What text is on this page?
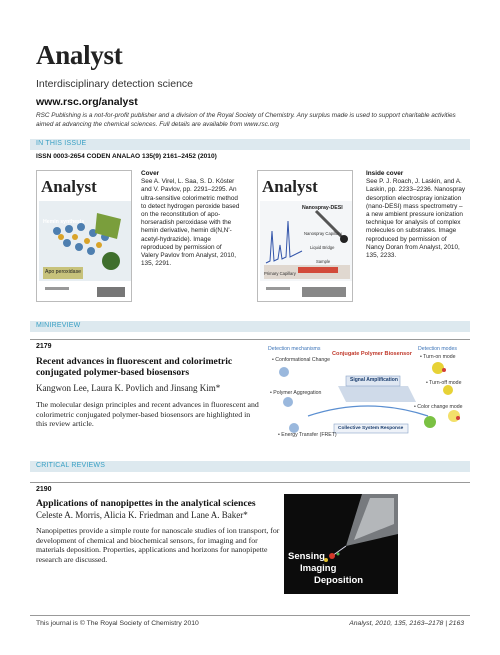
Analyst
Interdisciplinary detection science
www.rsc.org/analyst
RSC Publishing is a not-for-profit publisher and a division of the Royal Society of Chemistry. Any surplus made is used to support charitable activities aimed at advancing the chemical sciences. Full details are available from www.rsc.org
IN THIS ISSUE
ISSN 0003-2654 CODEN ANALAO 135(9) 2161–2452 (2010)
Analyst
Hemin synthesis
Apo peroxidase
Cover
See A. Virel, L. Saa, S. D. Köster and V. Pavlov, pp. 2291–2295. An ultra-sensitive colorimetric method to detect hydrogen peroxide based on the reconstitution of apo-horseradish peroxidase with the hemin derivative, hemin di(N,N'-acetyl-hydrazide). Image reproduced by permission of Valery Pavlov from Analyst, 2010, 135, 2291.
Analyst
Nanospray-DESI
Nanospray Capillary
Liquid Bridge
Sample
Primary Capillary
Inside cover
See P. J. Roach, J. Laskin, and A. Laskin, pp. 2233–2236. Nanospray desorption electrospray ionization (nano-DESI) mass spectrometry – a new ambient pressure ionization technique for analysis of complex molecules on substrates. Image reproduced by permission of Nancy Doran from Analyst, 2010, 135, 2233.
MINIREVIEW
2179
Recent advances in fluorescent and colorimetric conjugated polymer-based biosensors
Kangwon Lee, Laura K. Povlich and Jinsang Kim*
The molecular design principles and recent advances in fluorescent and colorimetric conjugated polymer-based biosensors are highlighted in this review article.
Detection mechanisms
• Conformational Change
• Polymer Aggregation
• Energy Transfer (FRET)
Conjugate Polymer Biosensor
Signal Amplification
Collective System Response
Detection modes
• Turn-on mode
• Turn-off mode
• Color change mode
CRITICAL REVIEWS
2190
Applications of nanopipettes in the analytical sciences
Celeste A. Morris, Alicia K. Friedman and Lane A. Baker*
Nanopipettes provide a simple route for nanoscale studies of ion transport, for development of chemical and biochemical sensors, for imaging and for materials deposition. Properties, applications and horizons for nanopipette research are discussed.	Sensing
Imaging
Deposition
This journal is © The Royal Society of Chemistry 2010	Analyst, 2010, 135, 2163–2178 | 2163
